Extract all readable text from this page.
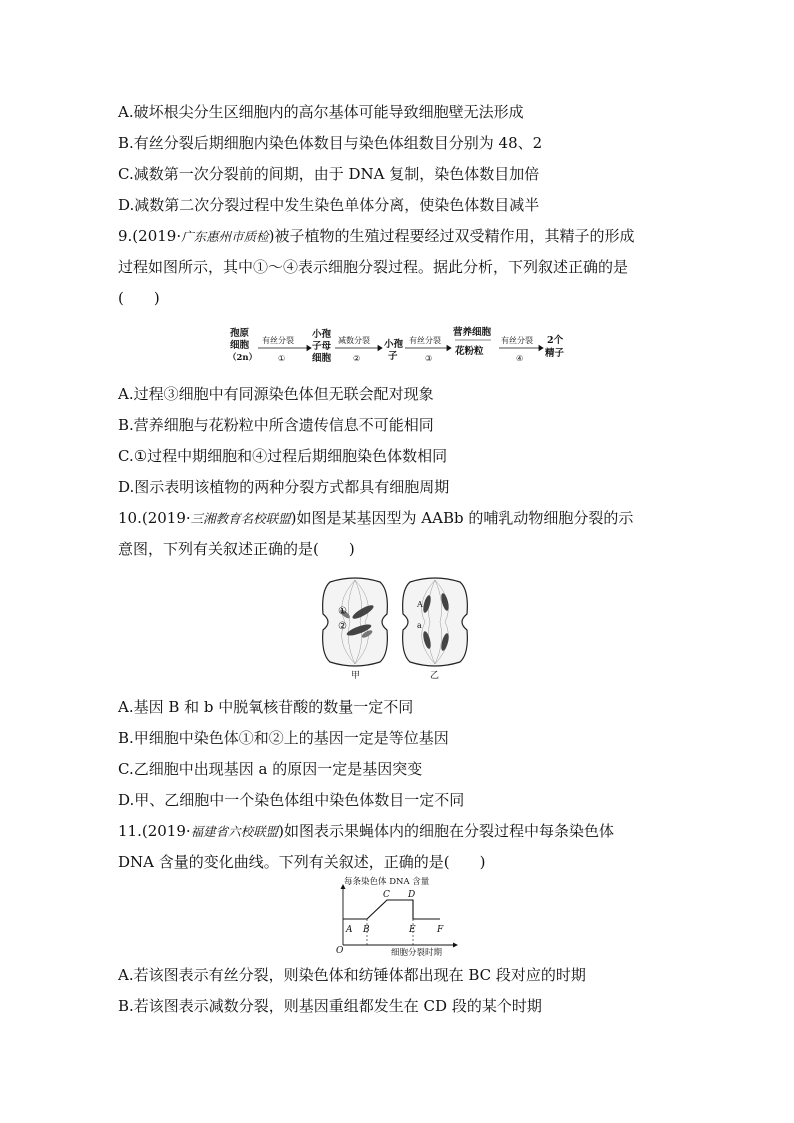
A.破坏根尖分生区细胞内的高尔基体可能导致细胞壁无法形成
B.有丝分裂后期细胞内染色体数目与染色体组数目分别为 48、2
C.减数第一次分裂前的间期，由于 DNA 复制，染色体数目加倍
D.减数第二次分裂过程中发生染色单体分离，使染色体数目减半
9.(2019·广东惠州市质检)被子植物的生殖过程要经过双受精作用，其精子的形成
过程如图所示，其中①～④表示细胞分裂过程。据此分析，下列叙述正确的是
(　　)
孢原
细胞
（2n）
小孢
子母
细胞
小孢
子
营养细胞
花粉粒
2个
精子
有丝分裂
①
减数分裂
②
有丝分裂
③
有丝分裂
④
A.过程③细胞中有同源染色体但无联会配对现象
B.营养细胞与花粉粒中所含遗传信息不可能相同
C.①过程中期细胞和④过程后期细胞染色体数相同
D.图示表明该植物的两种分裂方式都具有细胞周期
10.(2019·三湘教育名校联盟)如图是某基因型为 AABb 的哺乳动物细胞分裂的示
意图，下列有关叙述正确的是(　　)
①
②
甲
A
a
乙
A.基因 B 和 b 中脱氧核苷酸的数量一定不同
B.甲细胞中染色体①和②上的基因一定是等位基因
C.乙细胞中出现基因 a 的原因一定是基因突变
D.甲、乙细胞中一个染色体组中染色体数目一定不同
11.(2019·福建省六校联盟)如图表示果蝇体内的细胞在分裂过程中每条染色体
DNA 含量的变化曲线。下列有关叙述，正确的是(　　)
每条染色体 DNA 含量
细胞分裂时期
O
A B
C D
E F
A.若该图表示有丝分裂，则染色体和纺锤体都出现在 BC 段对应的时期
B.若该图表示减数分裂，则基因重组都发生在 CD 段的某个时期
